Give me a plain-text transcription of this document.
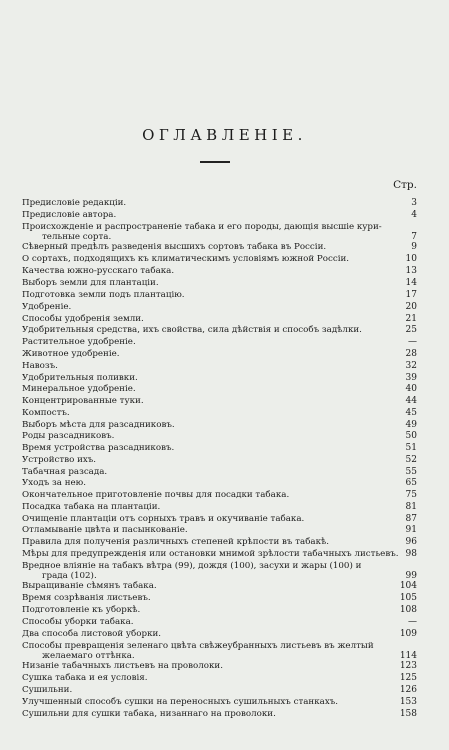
ОГЛАВЛЕНІЕ.
Стр.
Предисловіе редакціи.	3
Предисловіе автора.	4
Происхожденіе и распространеніе табака и его породы, дающія высшіе кури-
тельные сорта.	7
Сѣверный предѣлъ разведенія высшихъ сортовъ табака въ Россіи.	9
О сортахъ, подходящихъ къ климатическимъ условіямъ южной Россіи.	10
Качества южно-русскаго табака.	13
Выборъ земли для плантаціи.	14
Подготовка земли подъ плантацію.	17
Удобреніе.	20
Способы удобренія земли.	21
Удобрительныя средства, ихъ свойства, сила дѣйствія и способъ задѣлки.	25
Растительное удобреніе.	—
Животное удобреніе.	28
Навозъ.	32
Удобрительныя поливки.	39
Минеральное удобреніе.	40
Концентрированные туки.	44
Компостъ.	45
Выборъ мѣста для разсадниковъ.	49
Роды разсадниковъ.	50
Время устройства разсадниковъ.	51
Устройство ихъ.	52
Табачная разсада.	55
Уходъ за нею.	65
Окончательное приготовленіе почвы для посадки табака.	75
Посадка табака на плантаціи.	81
Очищеніе плантаціи отъ сорныхъ травъ и окучиваніе табака.	87
Отламываніе цвѣта и пасынкованіе.	91
Правила для полученія различныхъ степеней крѣпости въ табакѣ.	96
Мѣры для предупрежденія или остановки мнимой зрѣлости табачныхъ листьевъ. 98
Вредное вліяніе на табакъ вѣтра (99), дождя (100), засухи и жары (100) и
града (102).	99
Выращиваніе сѣмянъ табака.	104
Время созрѣванія листьевъ.	105
Подготовленіе къ уборкѣ.	108
Способы уборки табака.	—
Два способа листовой уборки.	109
Способы превращенія зеленаго цвѣта свѣжеубранныхъ листьевъ въ желтый
желаемаго оттѣнка.	114
Низаніе табачныхъ листьевъ на проволоки.	123
Сушка табака и ея условія.	125
Сушильни.	126
Улучшенный способъ сушки на переносныхъ сушильныхъ станкахъ.	153
Сушильни для сушки табака, низаннаго на проволоки.	158
